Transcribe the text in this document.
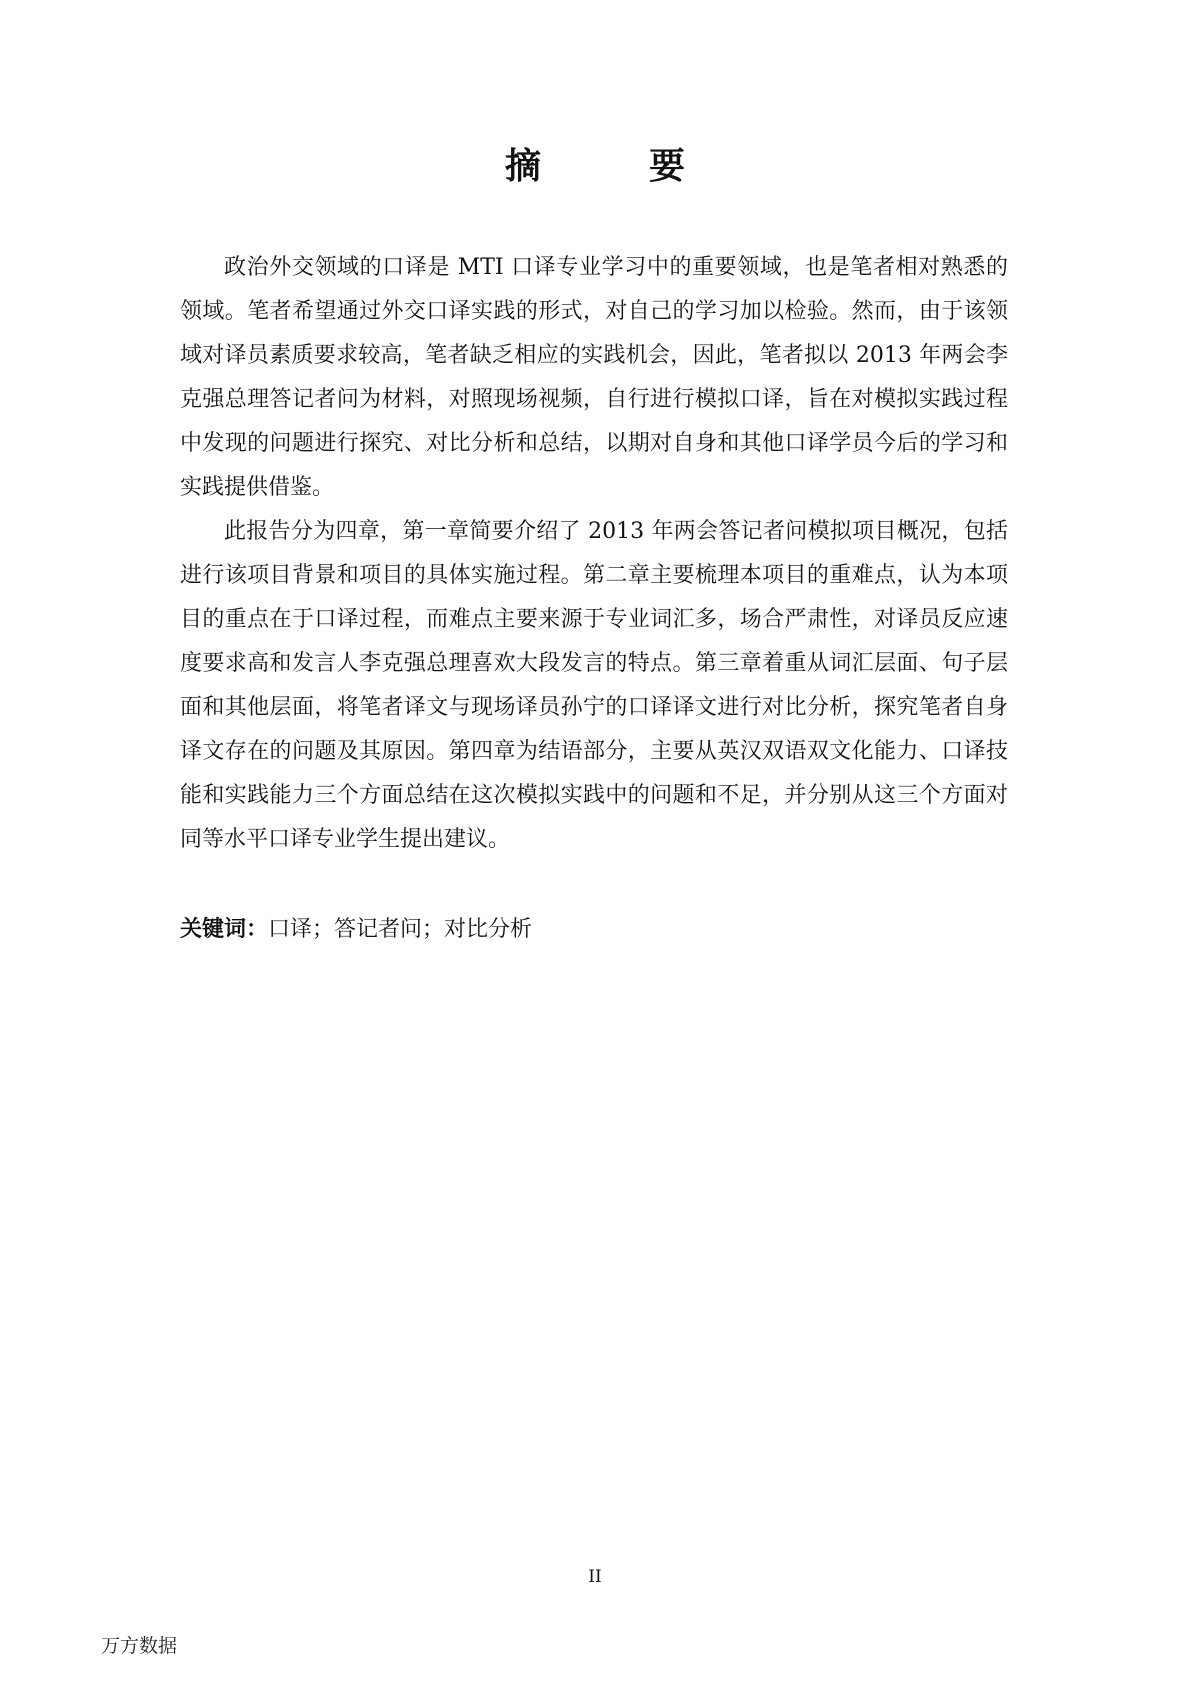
摘　要

政治外交领域的口译是 MTI 口译专业学习中的重要领域，也是笔者相对熟悉的领域。笔者希望通过外交口译实践的形式，对自己的学习加以检验。然而，由于该领域对译员素质要求较高，笔者缺乏相应的实践机会，因此，笔者拟以 2013 年两会李克强总理答记者问为材料，对照现场视频，自行进行模拟口译，旨在对模拟实践过程中发现的问题进行探究、对比分析和总结，以期对自身和其他口译学员今后的学习和实践提供借鉴。

此报告分为四章，第一章简要介绍了 2013 年两会答记者问模拟项目概况，包括进行该项目背景和项目的具体实施过程。第二章主要梳理本项目的重难点，认为本项目的重点在于口译过程，而难点主要来源于专业词汇多，场合严肃性，对译员反应速度要求高和发言人李克强总理喜欢大段发言的特点。第三章着重从词汇层面、句子层面和其他层面，将笔者译文与现场译员孙宁的口译译文进行对比分析，探究笔者自身译文存在的问题及其原因。第四章为结语部分，主要从英汉双语双文化能力、口译技能和实践能力三个方面总结在这次模拟实践中的问题和不足，并分别从这三个方面对同等水平口译专业学生提出建议。

关键词：口译；答记者问；对比分析

II
万方数据
